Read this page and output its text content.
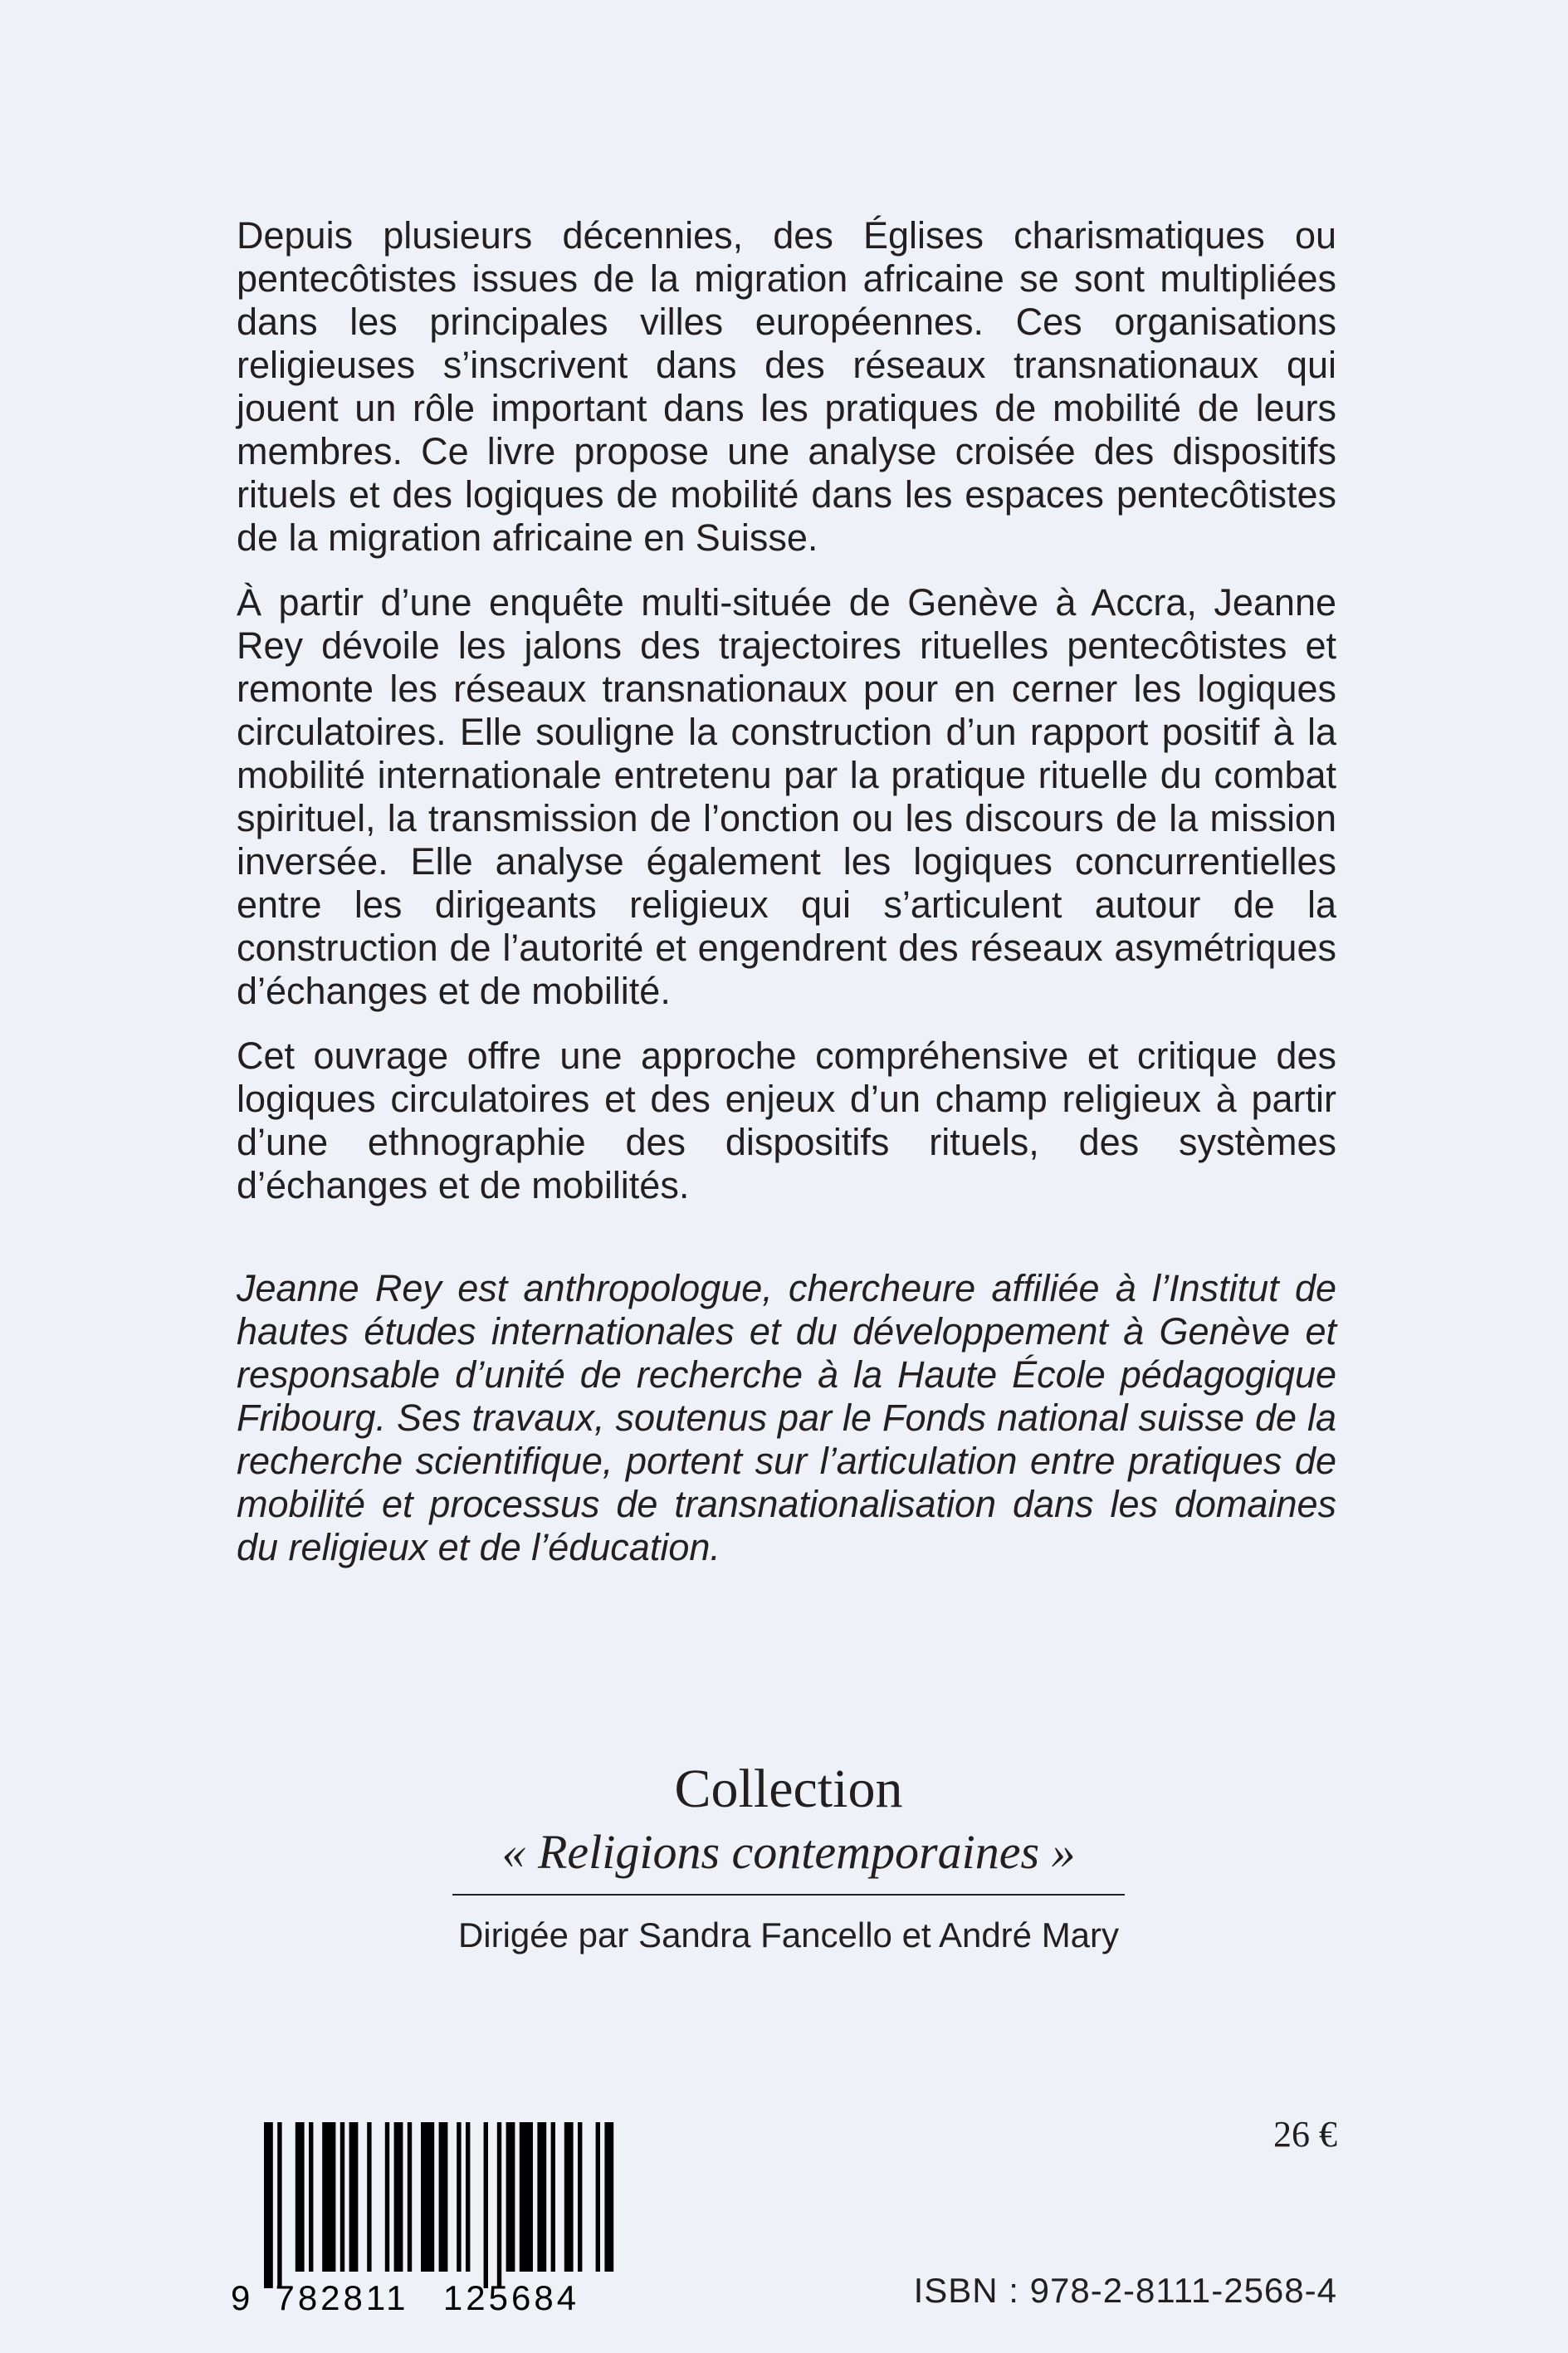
Depuis plusieurs décennies, des Églises charismatiques ou pentecôtistes issues de la migration africaine se sont multipliées dans les principales villes européennes. Ces organisations religieuses s’inscrivent dans des réseaux transnationaux qui jouent un rôle important dans les pratiques de mobilité de leurs membres. Ce livre propose une analyse croisée des dispositifs rituels et des logiques de mobilité dans les espaces pentecôtistes de la migration africaine en Suisse.

À partir d’une enquête multi-située de Genève à Accra, Jeanne Rey dévoile les jalons des trajectoires rituelles pentecôtistes et remonte les réseaux transnationaux pour en cerner les logiques circulatoires. Elle souligne la construction d’un rapport positif à la mobilité internationale entretenu par la pratique rituelle du combat spirituel, la transmission de l’onction ou les discours de la mission inversée. Elle analyse également les logiques concurrentielles entre les dirigeants religieux qui s’articulent autour de la construction de l’autorité et engendrent des réseaux asymétriques d’échanges et de mobilité.

Cet ouvrage offre une approche compréhensive et critique des logiques circulatoires et des enjeux d’un champ religieux à partir d’une ethnographie des dispositifs rituels, des systèmes d’échanges et de mobilités.

Jeanne Rey est anthropologue, chercheure affiliée à l’Institut de hautes études internationales et du développement à Genève et responsable d’unité de recherche à la Haute École pédagogique Fribourg. Ses travaux, soutenus par le Fonds national suisse de la recherche scientifique, portent sur l’articulation entre pratiques de mobilité et processus de transnationalisation dans les domaines du religieux et de l’éducation.

Collection
« Religions contemporaines »
Dirigée par Sandra Fancello et André Mary
26 €
9 782811 125684	ISBN : 978-2-8111-2568-4
